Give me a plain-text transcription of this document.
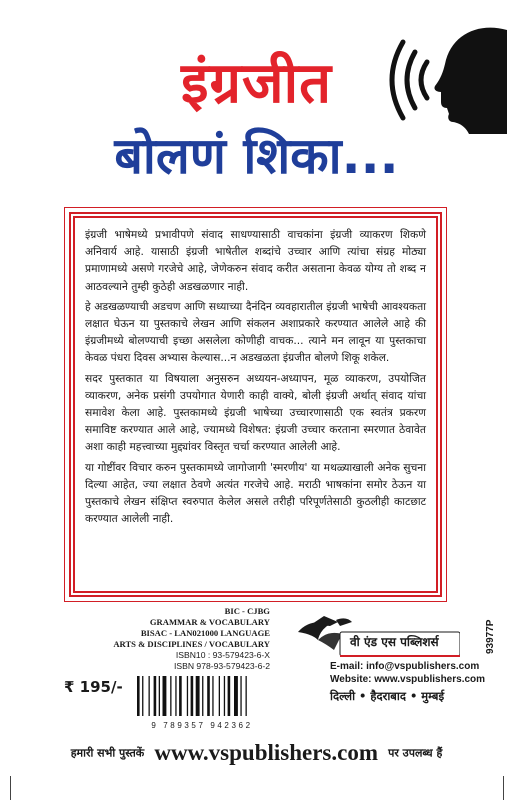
इंग्रजीत
बोलणं शिका...

इंग्रजी भाषेमध्ये प्रभावीपणे संवाद साधण्यासाठी वाचकांना इंग्रजी व्याकरण शिकणे अनिवार्य आहे. यासाठी इंग्रजी भाषेतील शब्दांचे उच्चार आणि त्यांचा संग्रह मोठ्या प्रमाणामध्ये असणे गरजेचे आहे, जेणेकरुन संवाद करीत असताना केवळ योग्य तो शब्द न आठवल्याने तुम्ही कुठेही अडखळणार नाही.

हे अडखळण्याची अडचण आणि सध्याच्या दैनंदिन व्यवहारातील इंग्रजी भाषेची आवश्यकता लक्षात घेऊन या पुस्तकाचे लेखन आणि संकलन अशाप्रकारे करण्यात आलेले आहे की इंग्रजीमध्ये बोलण्याची इच्छा असलेला कोणीही वाचक... त्याने मन लावून या पुस्तकाचा केवळ पंधरा दिवस अभ्यास केल्यास...न अडखळता इंग्रजीत बोलणे शिकू शकेल.

सदर पुस्तकात या विषयाला अनुसरुन अध्ययन-अध्यापन, मूळ व्याकरण, उपयोजित व्याकरण, अनेक प्रसंगी उपयोगात येणारी काही वाक्ये, बोली इंग्रजी अर्थात् संवाद यांचा समावेश केला आहे. पुस्तकामध्ये इंग्रजी भाषेच्या उच्चारणासाठी एक स्वतंत्र प्रकरण समाविष्ट करण्यात आले आहे, ज्यामध्ये विशेषत: इंग्रजी उच्चार करताना स्मरणात ठेवावेत अशा काही महत्त्वाच्या मुद्द्यांवर विस्तृत चर्चा करण्यात आलेली आहे.

या गोष्टींवर विचार करुन पुस्तकामध्ये जागोजागी 'स्मरणीय' या मथळ्याखाली अनेक सुचना दिल्या आहेत, ज्या लक्षात ठेवणे अत्यंत गरजेचे आहे. मराठी भाषकांना समोर ठेऊन या पुस्तकाचे लेखन संक्षिप्त स्वरुपात केलेल असले तरीही परिपूर्णतेसाठी कुठलीही काटछाट करण्यात आलेली नाही.

BIC - CJBG
GRAMMAR & VOCABULARY
BISAC - LAN021000 LANGUAGE
ARTS & DISCIPLINES / VOCABULARY
ISBN10 : 93-579423-6-X
ISBN 978-93-579423-6-2
93977P
₹ 195/-
9 789357 942362
वी एंड एस पब्लिशर्स
E-mail: info@vspublishers.com
Website: www.vspublishers.com
दिल्ली • हैदराबाद • मुम्बई
हमारी सभी पुस्तकें www.vspublishers.com पर उपलब्ध हैं
